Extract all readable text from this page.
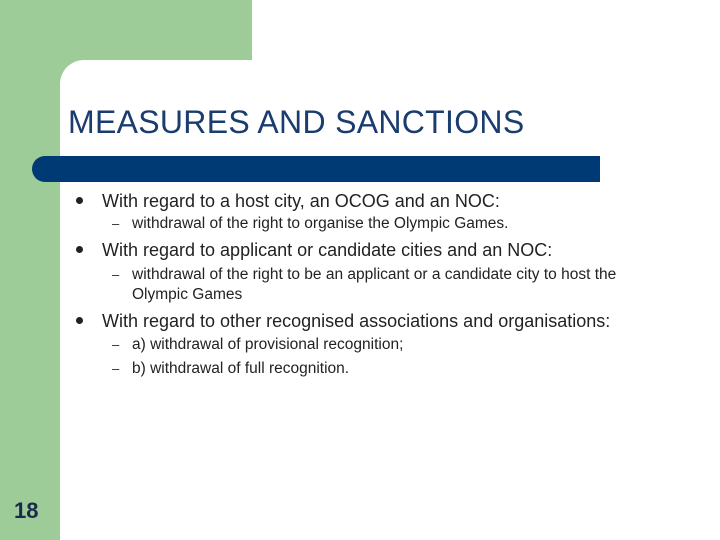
MEASURES AND SANCTIONS
With regard to a host city, an OCOG and an NOC:
– withdrawal of the right to organise the Olympic Games.
With regard to applicant or candidate cities and an NOC:
– withdrawal of the right to be an applicant or a candidate city to host the Olympic Games
With regard to other recognised associations and organisations:
– a) withdrawal of provisional recognition;
– b) withdrawal of full recognition.
18
